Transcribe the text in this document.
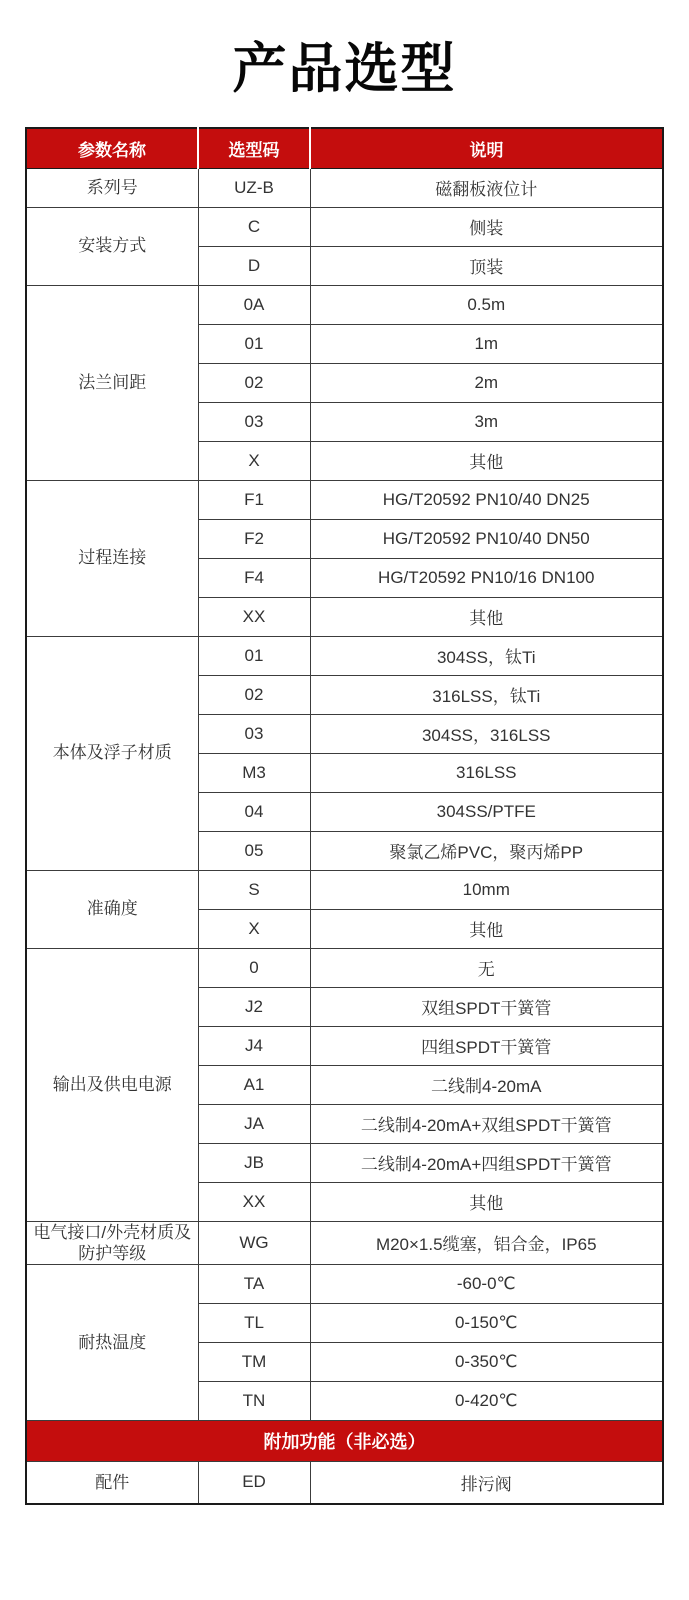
产品选型
参数名称	选型码	说明
系列号	UZ-B	磁翻板液位计
安装方式	C	侧装
	D	顶装
法兰间距	0A	0.5m
	01	1m
	02	2m
	03	3m
	X	其他
过程连接	F1	HG/T20592 PN10/40 DN25
	F2	HG/T20592 PN10/40 DN50
	F4	HG/T20592 PN10/16 DN100
	XX	其他
本体及浮子材质	01	304SS，钛Ti
	02	316LSS，钛Ti
	03	304SS，316LSS
	M3	316LSS
	04	304SS/PTFE
	05	聚氯乙烯PVC，聚丙烯PP
准确度	S	10mm
	X	其他
输出及供电电源	0	无
	J2	双组SPDT干簧管
	J4	四组SPDT干簧管
	A1	二线制4-20mA
	JA	二线制4-20mA+双组SPDT干簧管
	JB	二线制4-20mA+四组SPDT干簧管
	XX	其他
电气接口/外壳材质及防护等级	WG	M20×1.5缆塞，铝合金，IP65
耐热温度	TA	-60-0℃
	TL	0-150℃
	TM	0-350℃
	TN	0-420℃
附加功能（非必选）		
配件	ED	排污阀
